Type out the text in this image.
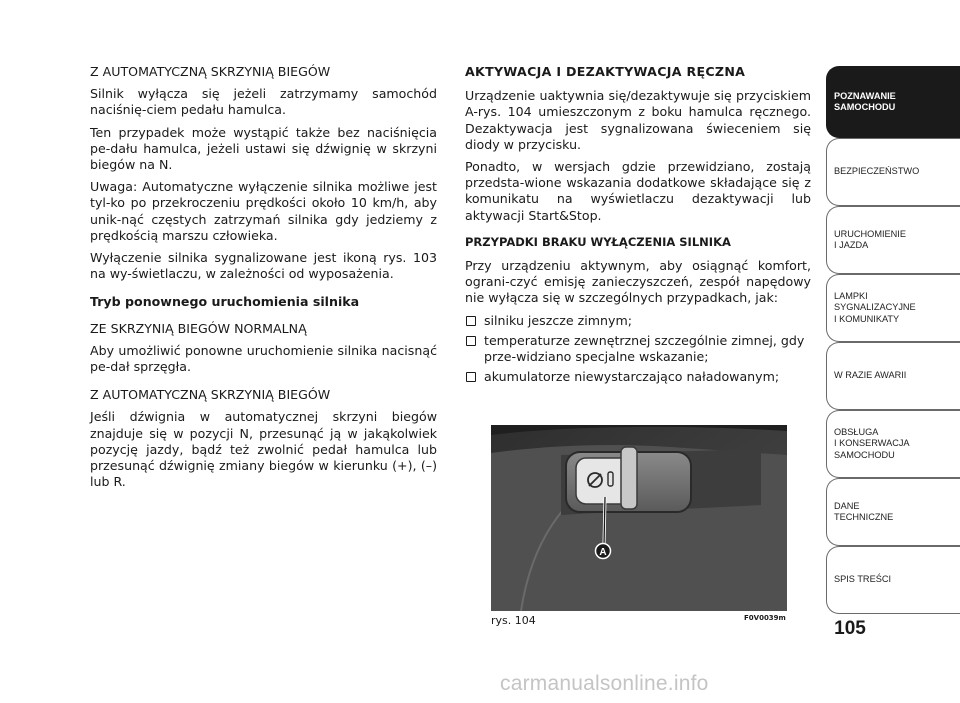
Z AUTOMATYCZNĄ SKRZYNIĄ BIEGÓW

Silnik wyłącza się jeżeli zatrzymamy samochód naciśnię-ciem pedału hamulca.

Ten przypadek może wystąpić także bez naciśnięcia pe-dału hamulca, jeżeli ustawi się dźwignię w skrzyni biegów na N.

Uwaga: Automatyczne wyłączenie silnika możliwe jest tyl-ko po przekroczeniu prędkości około 10 km/h, aby unik-nąć częstych zatrzymań silnika gdy jedziemy z prędkością marszu człowieka.

Wyłączenie silnika sygnalizowane jest ikoną rys. 103 na wy-świetlaczu, w zależności od wyposażenia.

Tryb ponownego uruchomienia silnika

ZE SKRZYNIĄ BIEGÓW NORMALNĄ

Aby umożliwić ponowne uruchomienie silnika nacisnąć pe-dał sprzęgła.

Z AUTOMATYCZNĄ SKRZYNIĄ BIEGÓW

Jeśli dźwignia w automatycznej skrzyni biegów znajduje się w pozycji N, przesunąć ją w jakąkolwiek pozycję jazdy, bądź też zwolnić pedał hamulca lub przesunąć dźwignię zmiany biegów w kierunku (+), (–) lub R.

AKTYWACJA I DEZAKTYWACJA RĘCZNA

Urządzenie uaktywnia się/dezaktywuje się przyciskiem A-rys. 104 umieszczonym z boku hamulca ręcznego. Dezaktywacja jest sygnalizowana świeceniem się diody w przycisku.

Ponadto, w wersjach gdzie przewidziano, zostają przedsta-wione wskazania dodatkowe składające się z komunikatu na wyświetlaczu dezaktywacji lub aktywacji Start&Stop.

PRZYPADKI BRAKU WYŁĄCZENIA SILNIKA

Przy urządzeniu aktywnym, aby osiągnąć komfort, ograni-czyć emisję zanieczyszczeń, zespół napędowy nie wyłącza się w szczególnych przypadkach, jak:

silniku jeszcze zimnym;
temperaturze zewnętrznej szczególnie zimnej, gdy prze-widziano specjalne wskazanie;
akumulatorze niewystarczająco naładowanym;
A
rys. 104	F0V0039m
POZNAWANIE
SAMOCHODU
BEZPIECZEŃSTWO
URUCHOMIENIE
I JAZDA
LAMPKI
SYGNALIZACYJNE
I KOMUNIKATY
W RAZIE AWARII
OBSŁUGA
I KONSERWACJA
SAMOCHODU
DANE
TECHNICZNE
SPIS TREŚCI
105
carmanualsonline.info
